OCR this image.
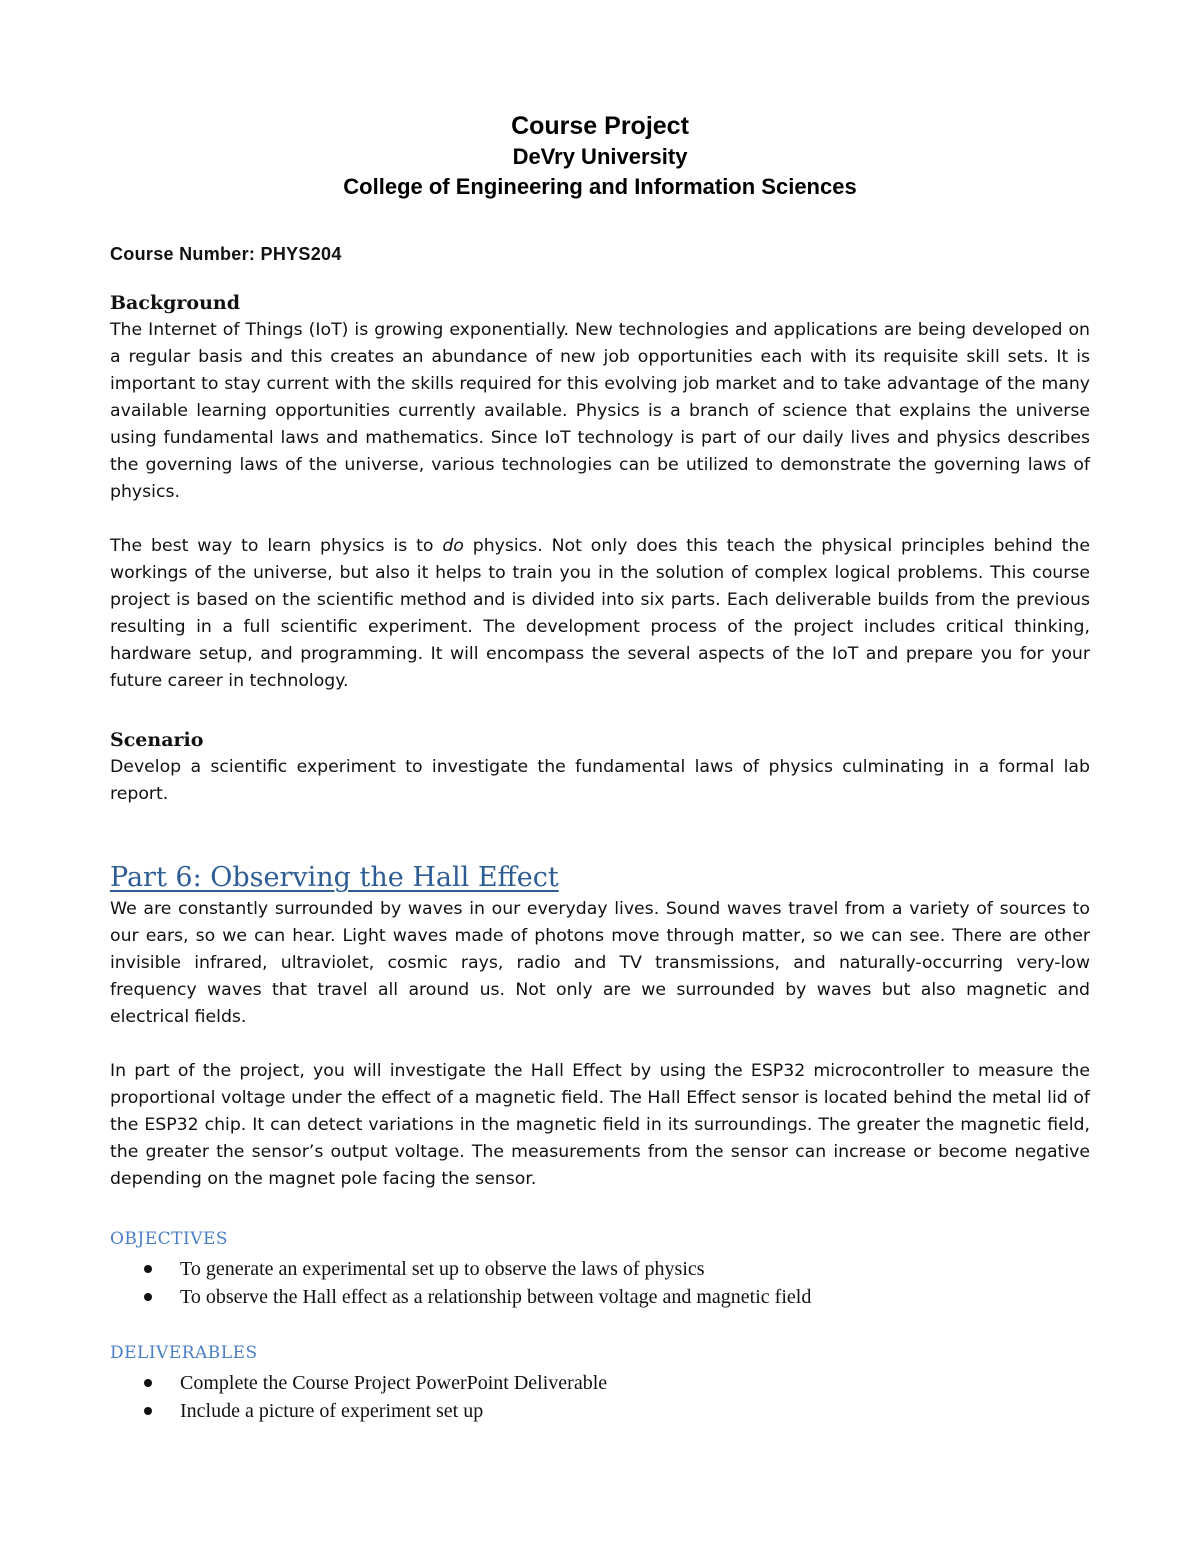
Course Project
DeVry University
College of Engineering and Information Sciences
Course Number: PHYS204
Background

The Internet of Things (IoT) is growing exponentially. New technologies and applications are being developed on a regular basis and this creates an abundance of new job opportunities each with its requisite skill sets. It is important to stay current with the skills required for this evolving job market and to take advantage of the many available learning opportunities currently available. Physics is a branch of science that explains the universe using fundamental laws and mathematics. Since IoT technology is part of our daily lives and physics describes the governing laws of the universe, various technologies can be utilized to demonstrate the governing laws of physics.

The best way to learn physics is to do physics. Not only does this teach the physical principles behind the workings of the universe, but also it helps to train you in the solution of complex logical problems. This course project is based on the scientific method and is divided into six parts. Each deliverable builds from the previous resulting in a full scientific experiment. The development process of the project includes critical thinking, hardware setup, and programming. It will encompass the several aspects of the IoT and prepare you for your future career in technology.

Scenario

Develop a scientific experiment to investigate the fundamental laws of physics culminating in a formal lab report.

Part 6: Observing the Hall Effect

We are constantly surrounded by waves in our everyday lives. Sound waves travel from a variety of sources to our ears, so we can hear. Light waves made of photons move through matter, so we can see. There are other invisible infrared, ultraviolet, cosmic rays, radio and TV transmissions, and naturally-occurring very-low frequency waves that travel all around us. Not only are we surrounded by waves but also magnetic and electrical fields.

In part of the project, you will investigate the Hall Effect by using the ESP32 microcontroller to measure the proportional voltage under the effect of a magnetic field. The Hall Effect sensor is located behind the metal lid of the ESP32 chip. It can detect variations in the magnetic field in its surroundings. The greater the magnetic field, the greater the sensor’s output voltage. The measurements from the sensor can increase or become negative depending on the magnet pole facing the sensor.

OBJECTIVES
To generate an experimental set up to observe the laws of physics
To observe the Hall effect as a relationship between voltage and magnetic field
DELIVERABLES
Complete the Course Project PowerPoint Deliverable
Include a picture of experiment set up
